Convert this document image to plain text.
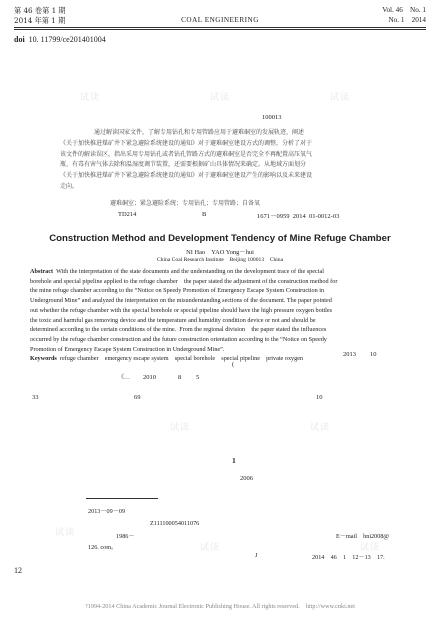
第 46 卷第 1 期
2014 年第 1 期	COAL ENGINEERING
Vol. 46    No. 1
No. 1    2014
doi 10. 11799/ce201401004
100013
通过解读国家文件，了解专用钻孔和专用管路应用于避难硐室的发展轨迹，阐述
《关于加快推进煤矿井下紧急避险系统建设的通知》对于避难硐室建设方式的调整，分析了对于
该文件的解读误区，指出采用专用钻孔或者钻孔管路方式的避难硐室是否完全不再配置高压氧气
瓶、有毒有害气体去除和温湿度调节装置，还需要根据矿山具体情况来确定。从地域方面划分
《关于加快推进煤矿井下紧急避险系统建设的通知》对于避难硐室建设产生的影响以及未来建设
走向。
避难硐室；紧急避险系统；专用钻孔；专用管路；自备氧
TD214	B	1671－0959  2014  01-0012-03
Construction Method and Development Tendency of Mine Refuge Chamber
NI Hao    YAO Yong－hui
China Coal Research Institute    Beijing 100013    China
Abstract With the interpretation of the state documents and the understanding on the development trace of the special
borehole and special pipeline applied to the refuge chamber    the paper stated the adjustment of the construction method for
the mine refuge chamber according to the “Notice on Speedy Promotion of Emergency Escape System Construction in
Underground Mine” and analyzed the interpretation on the misunderstanding sections of the document. The paper pointed
out whether the refuge chamber with the special borehole or special pipeline should have the high pressure oxygen bottles
the toxic and harmful gas removing device and the temperature and humidity condition device or not and should be
determined according to the certain conditions of the mine.  From the regional division    the paper stated the influences
occurred by the refuge chamber construction and the future construction orientation according to the “Notice on Speedy
Promotion of Emergency Escape System Construction in Underground Mine”.
Keywords refuge chamber    emergency escape system    special borehole    special pipeline    private oxygen
2013 10
(
《… 2010	8 5
33	69	10
1
2006
2013－09－09
Z111100054011076
1986－	E－mail    hni2008@
126. com。
J	2014    46    1    12－13    17.
12
?1994-2014 China Academic Journal Electronic Publishing House. All rights reserved.    http://www.cnki.net
试读	试读	试读
试读	试读
试读
试读	试读
